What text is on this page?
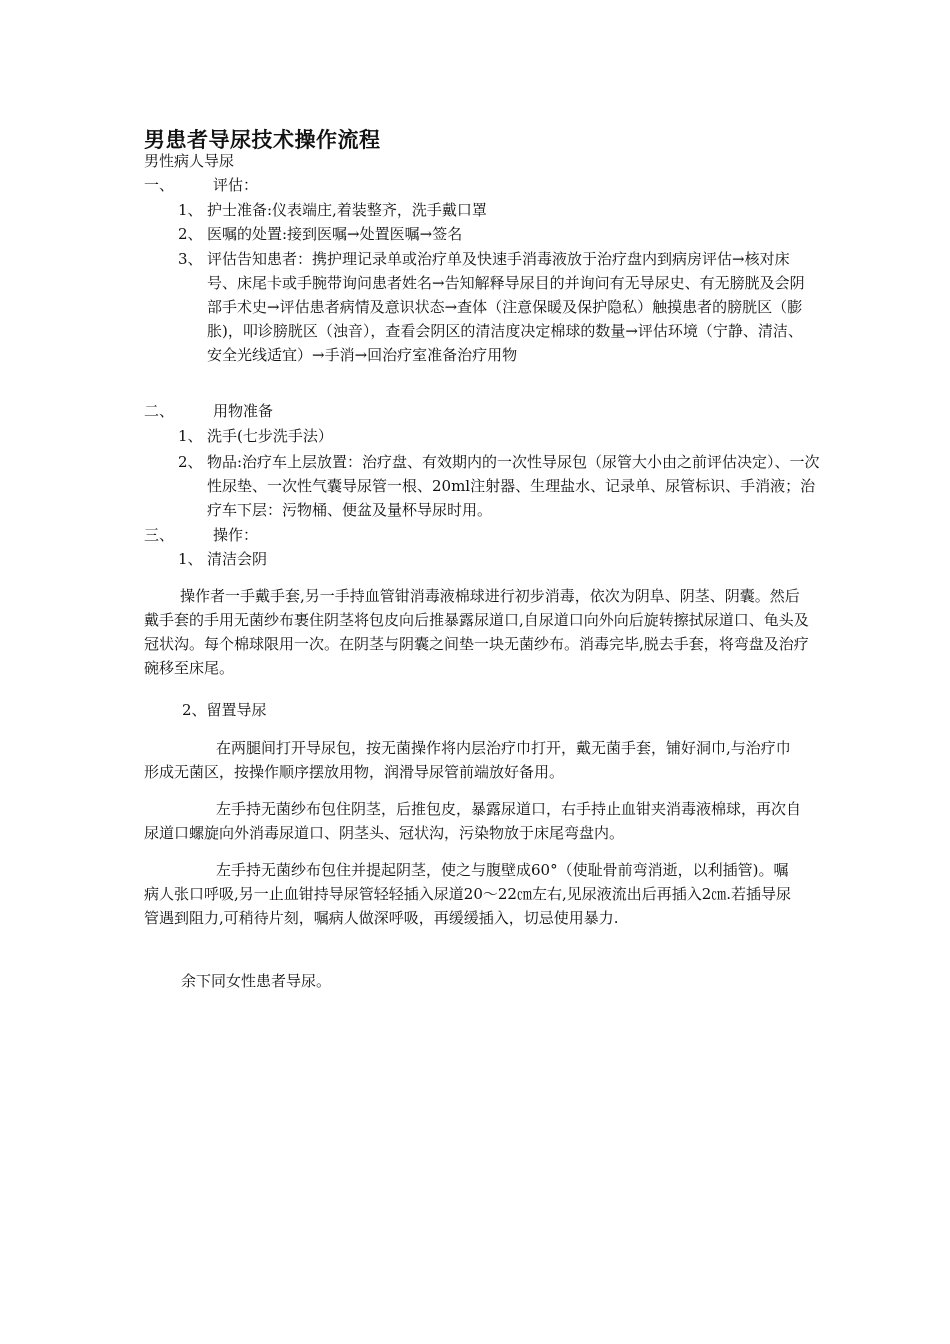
男患者导尿技术操作流程
男性病人导尿
一、	评估：
1、 护士准备:仪表端庄,着装整齐，洗手戴口罩
2、 医嘱的处置:接到医嘱→处置医嘱→签名
3、 评估告知患者：携护理记录单或治疗单及快速手消毒液放于治疗盘内到病房评估→核对床号、床尾卡或手腕带询问患者姓名→告知解释导尿目的并询问有无导尿史、有无膀胱及会阴部手术史→评估患者病情及意识状态→查体（注意保暖及保护隐私）触摸患者的膀胱区（膨胀)，叩诊膀胱区（浊音），查看会阴区的清洁度决定棉球的数量→评估环境（宁静、清洁、安全光线适宜）→手消→回治疗室准备治疗用物
二、	用物准备
1、 洗手(七步洗手法）
2、 物品:治疗车上层放置：治疗盘、有效期内的一次性导尿包（尿管大小由之前评估决定）、一次性尿垫、一次性气囊导尿管一根、20ml注射器、生理盐水、记录单、尿管标识、手消液；治疗车下层：污物桶、便盆及量杯导尿时用。
三、	操作：
1、 清洁会阴
操作者一手戴手套,另一手持血管钳消毒液棉球进行初步消毒，依次为阴阜、阴茎、阴囊。然后戴手套的手用无菌纱布裹住阴茎将包皮向后推暴露尿道口,自尿道口向外向后旋转擦拭尿道口、龟头及冠状沟。每个棉球限用一次。在阴茎与阴囊之间垫一块无菌纱布。消毒完毕,脱去手套，将弯盘及治疗碗移至床尾。
2、留置导尿
在两腿间打开导尿包，按无菌操作将内层治疗巾打开，戴无菌手套，铺好洞巾,与治疗巾形成无菌区，按操作顺序摆放用物，润滑导尿管前端放好备用。
左手持无菌纱布包住阴茎，后推包皮，暴露尿道口，右手持止血钳夹消毒液棉球，再次自尿道口螺旋向外消毒尿道口、阴茎头、冠状沟，污染物放于床尾弯盘内。
左手持无菌纱布包住并提起阴茎，使之与腹壁成60°（使耻骨前弯消逝，以利插管)。嘱病人张口呼吸,另一止血钳持导尿管轻轻插入尿道20～22㎝左右,见尿液流出后再插入2㎝.若插导尿管遇到阻力,可稍待片刻，嘱病人做深呼吸，再缓缓插入，切忌使用暴力.
余下同女性患者导尿。
